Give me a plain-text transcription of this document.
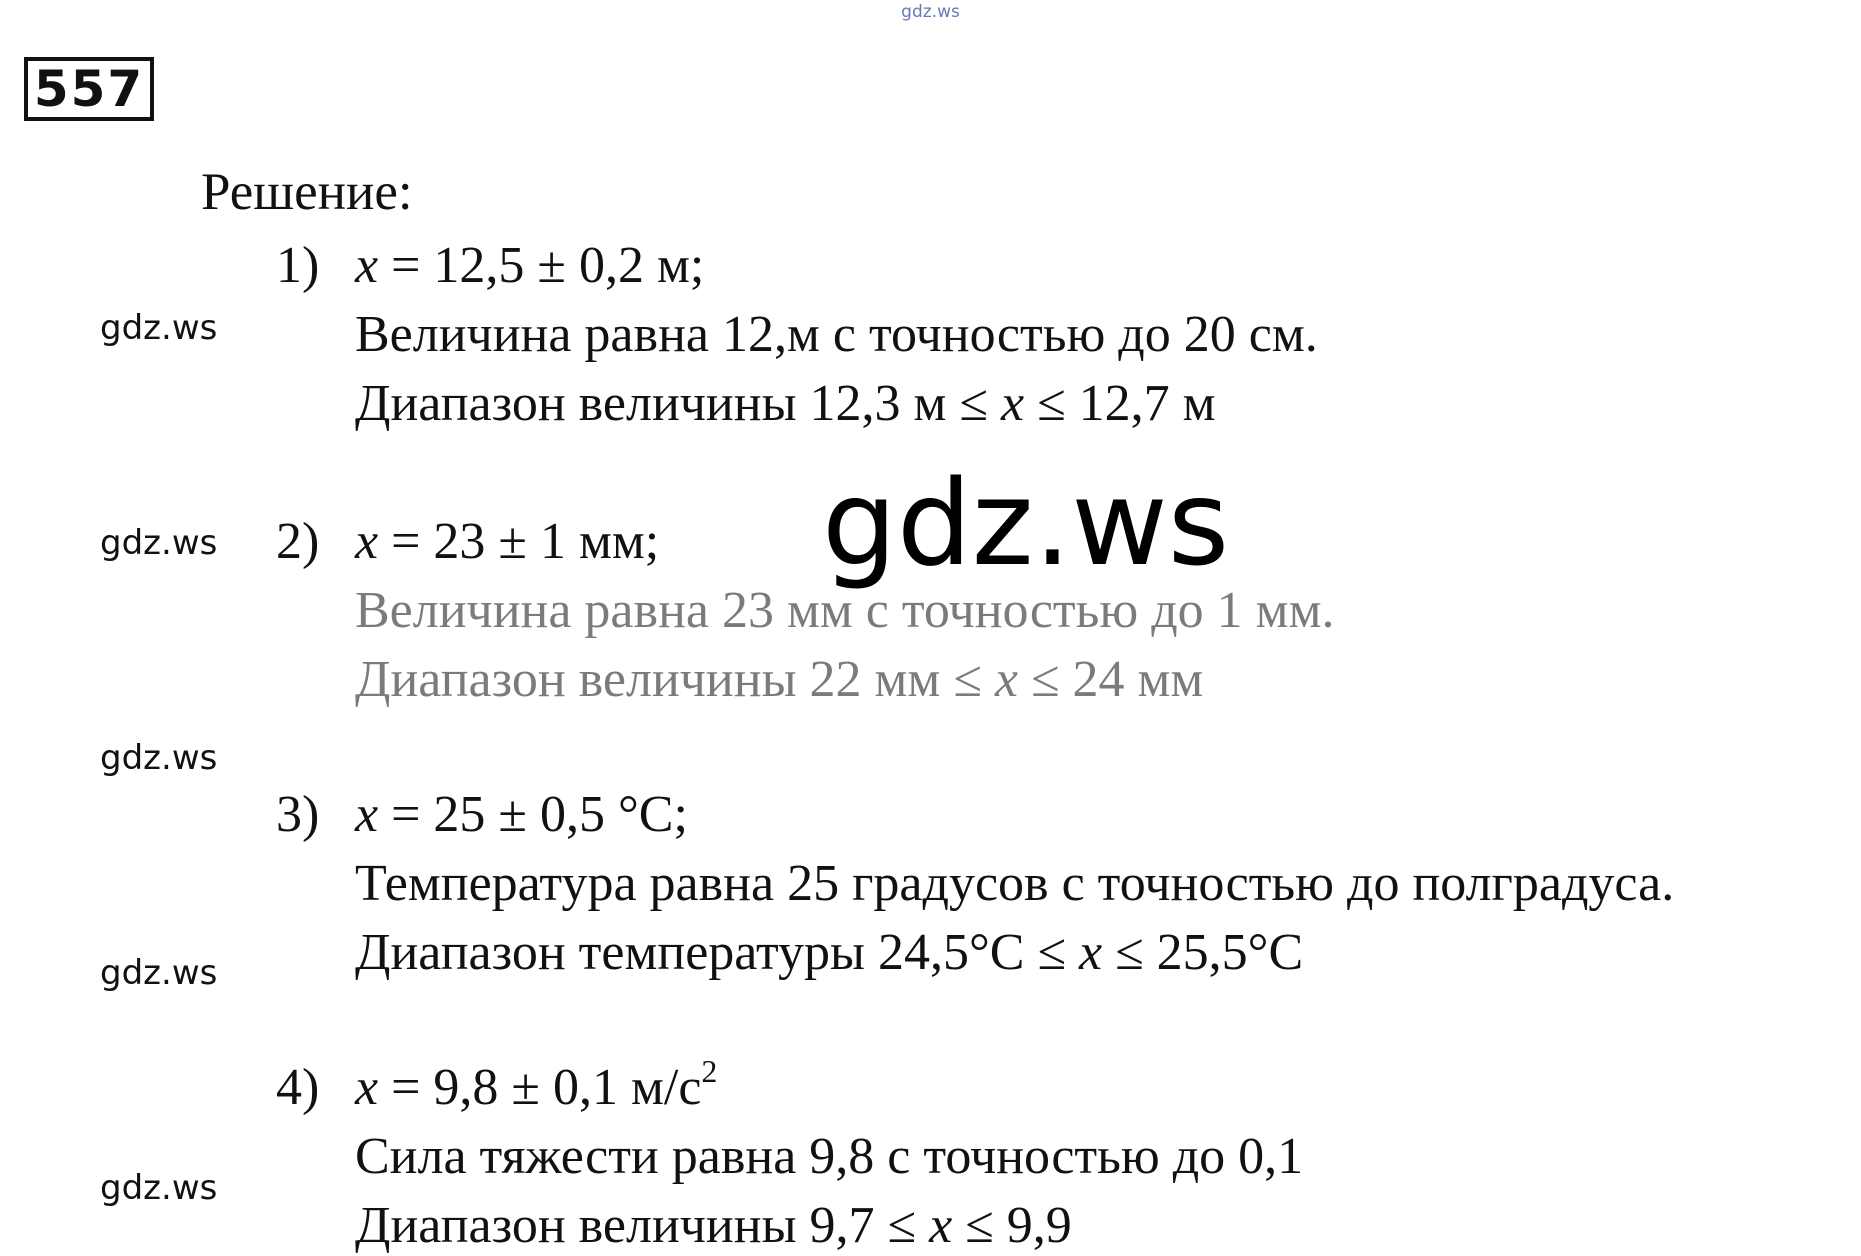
gdz.ws
557
Решение:
gdz.ws
gdz.ws
gdz.ws
gdz.ws
gdz.ws
1) x = 12,5 ± 0,2 м;
Величина равна 12,м с точностью до 20 см.
Диапазон величины 12,3 м ≤ x ≤ 12,7 м
2) x = 23 ± 1 мм;
Величина равна 23 мм с точностью до 1 мм.
Диапазон величины 22 мм ≤ x ≤ 24 мм
3) x = 25 ± 0,5 °C;
Температура равна 25 градусов с точностью до полградуса.
Диапазон температуры 24,5°C ≤ x ≤ 25,5°C
4) x = 9,8 ± 0,1 $м/с^2$
Сила тяжести равна 9,8 с точностью до 0,1
Диапазон величины 9,7 ≤ x ≤ 9,9
gdz.ws
